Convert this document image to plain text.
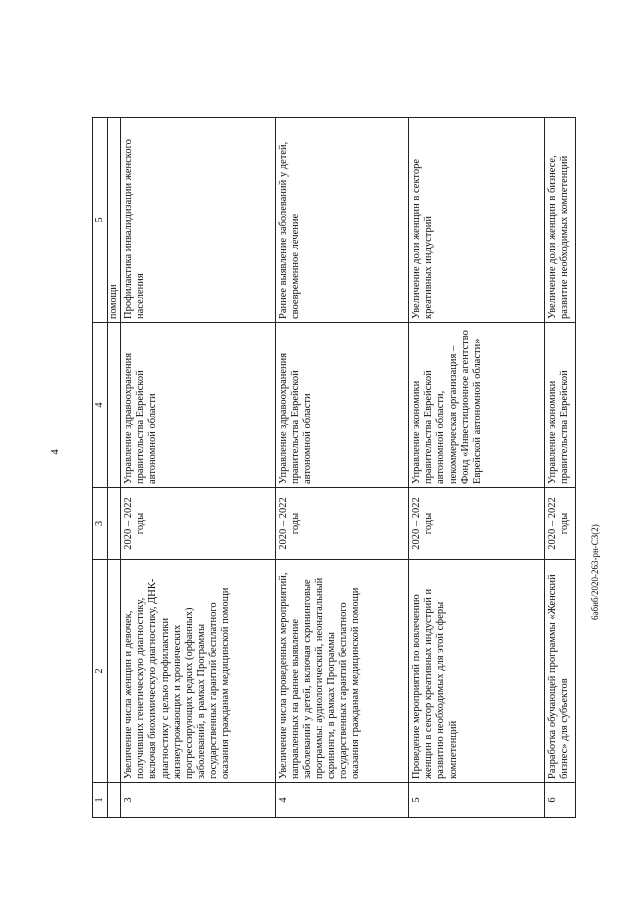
4
6абиб/2020-263-рн-СЗ(2)
1	2	3	4	5
				помощи
3	Увеличение числа женщин и девочек, получивших генетическую диагностику, включая биохимическую диагностику, ДНК-диагностику с целью профилактики жизнеугрожающих и хронических прогрессирующих редких (орфанных) заболеваний, в рамках Программы государственных гарантий бесплатного оказания гражданам медицинской помощи	2020 – 2022 годы	Управление здравоохранения правительства Еврейской автономной области	Профилактика инвалидизации женского населения
4	Увеличение числа проведенных мероприятий, направленных на раннее выявление заболеваний у детей, включая скрининговые программы: аудиологический, неонатальный скрининги, в рамках Программы государственных гарантий бесплатного оказания гражданам медицинской помощи	2020 – 2022 годы	Управление здравоохранения правительства Еврейской автономной области	Раннее выявление заболеваний у детей, своевременное лечение
5	Проведение мероприятий по вовлечению женщин в сектор креативных индустрий и развитию необходимых для этой сферы компетенций	2020 – 2022 годы	Управление экономики правительства Еврейской автономной области, некоммерческая организация – Фонд «Инвестиционное агентство Еврейской автономной области»	Увеличение доли женщин в секторе креативных индустрий
6	Разработка обучающей программы «Женский бизнес» для субъектов	2020 – 2022 годы	Управление экономики правительства Еврейской	Увеличение доли женщин в бизнесе, развитие необходимых компетенций
